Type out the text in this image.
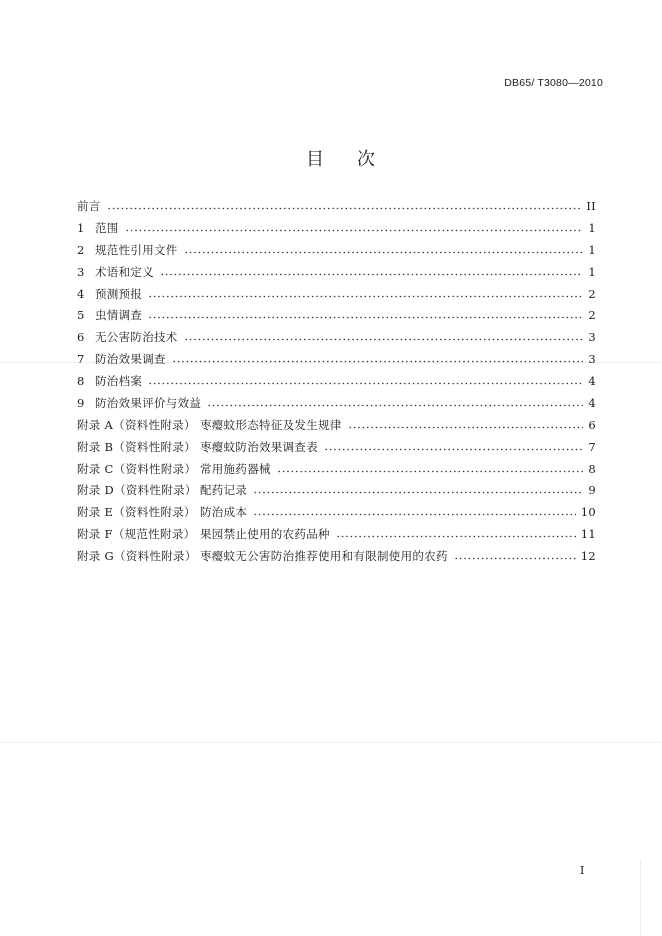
DB65/ T3080—2010
目　次
前言	II
1 范围	1
2 规范性引用文件	1
3 术语和定义	1
4 预测预报	2
5 虫情调查	2
6 无公害防治技术	3
7 防治效果调查	3
8 防治档案	4
9 防治效果评价与效益	4
附录 A（资料性附录） 枣瘿蚊形态特征及发生规律	6
附录 B（资料性附录） 枣瘿蚊防治效果调查表	7
附录 C（资料性附录） 常用施药器械	8
附录 D（资料性附录） 配药记录	9
附录 E（资料性附录） 防治成本	10
附录 F（规范性附录） 果园禁止使用的农药品种	11
附录 G（资料性附录） 枣瘿蚊无公害防治推荐使用和有限制使用的农药	12
I
